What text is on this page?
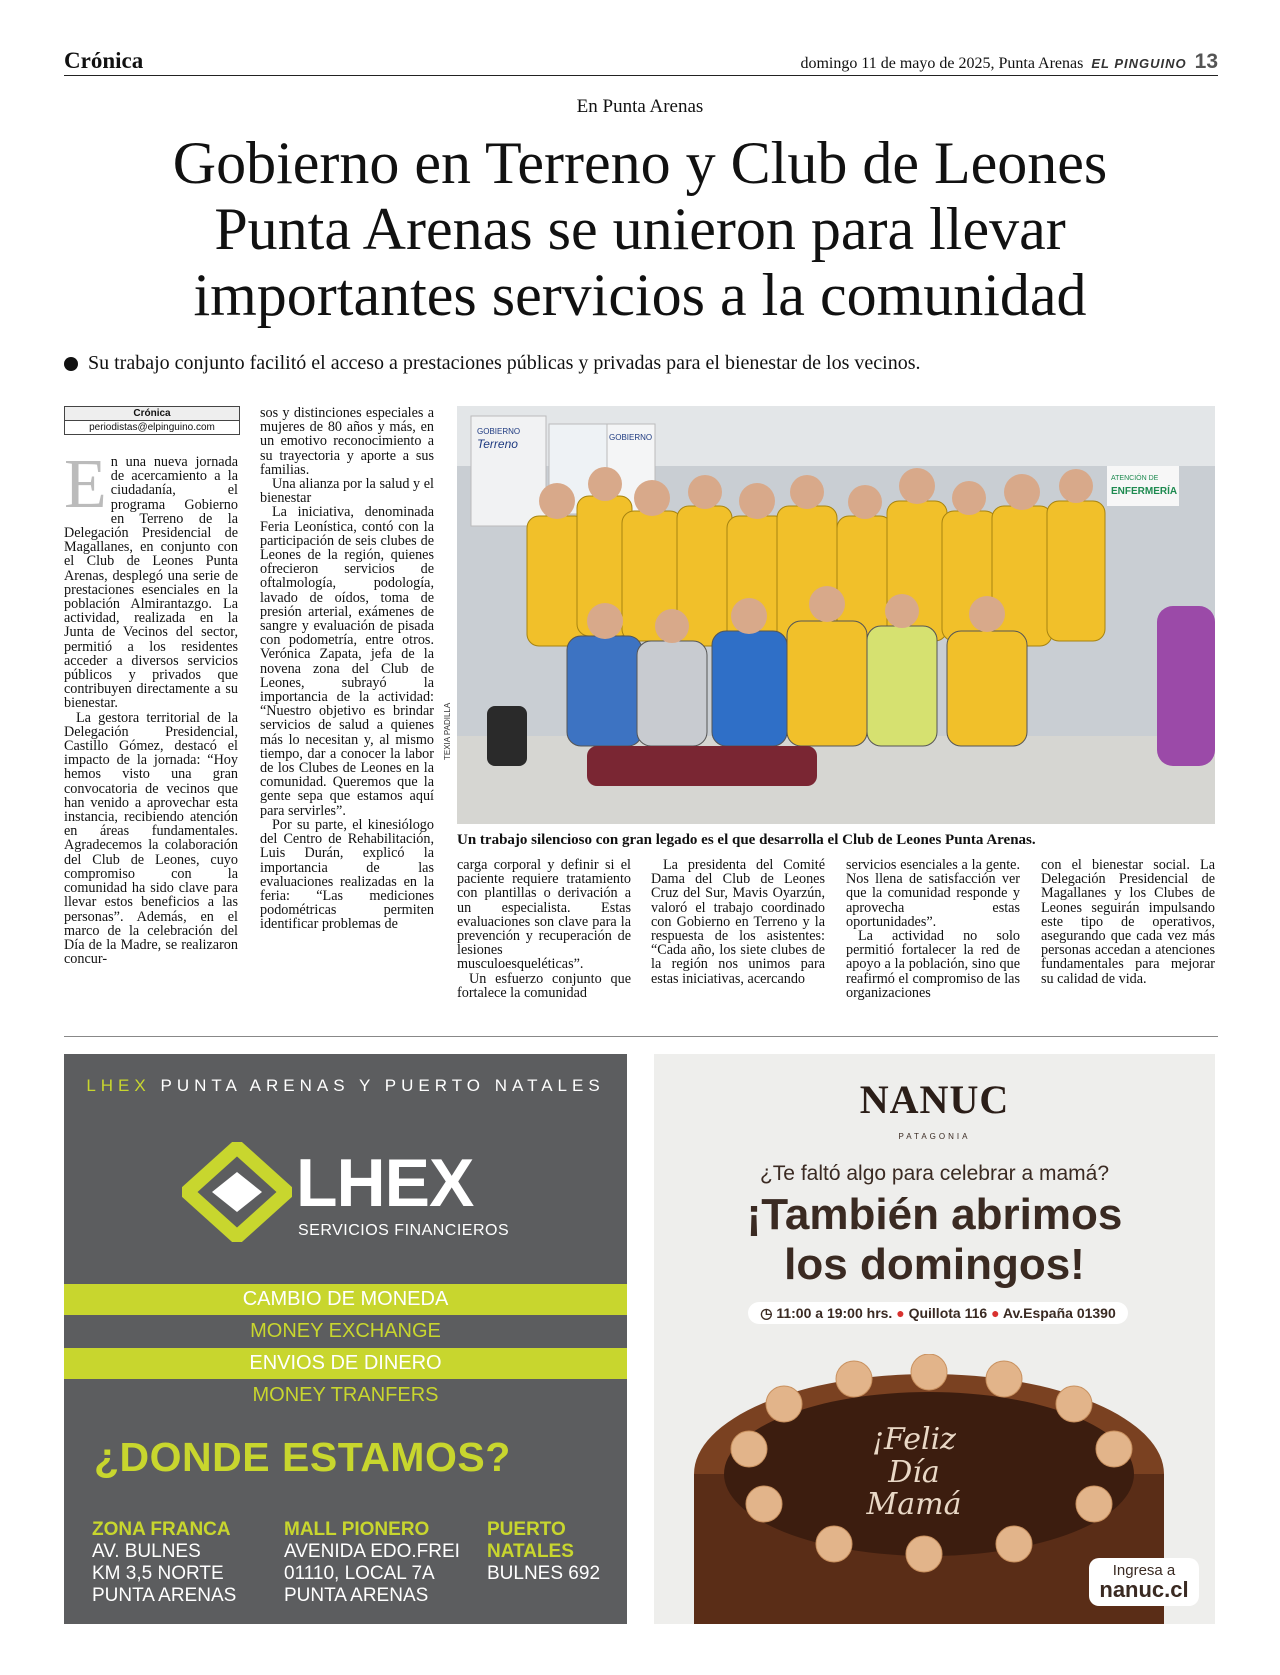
Crónica	domingo 11 de mayo de 2025, Punta Arenas EL PINGUINO 13
En Punta Arenas
Gobierno en Terreno y Club de Leones
Punta Arenas se unieron para llevar
importantes servicios a la comunidad
Su trabajo conjunto facilitó el acceso a prestaciones públicas y privadas para el bienestar de los vecinos.
Crónica
periodistas@elpinguino.com

En una nueva jornada de acercamiento a la ciudadanía, el programa Gobierno en Terreno de la Delegación Presidencial de Magallanes, en conjunto con el Club de Leones Punta Arenas, desplegó una serie de prestaciones esenciales en la población Almirantazgo. La actividad, realizada en la Junta de Vecinos del sector, permitió a los residentes acceder a diversos servicios públicos y privados que contribuyen directamente a su bienestar.

La gestora territorial de la Delegación Presidencial, Castillo Gómez, destacó el impacto de la jornada: “Hoy hemos visto una gran convocatoria de vecinos que han venido a aprovechar esta instancia, recibiendo atención en áreas fundamentales. Agradecemos la colaboración del Club de Leones, cuyo compromiso con la comunidad ha sido clave para llevar estos beneficios a las personas”. Además, en el marco de la celebración del Día de la Madre, se realizaron concur-

sos y distinciones especiales a mujeres de 80 años y más, en un emotivo reconocimiento a su trayectoria y aporte a sus familias.

Una alianza por la salud y el bienestar

La iniciativa, denominada Feria Leonística, contó con la participación de seis clubes de Leones de la región, quienes ofrecieron servicios de oftalmología, podología, lavado de oídos, toma de presión arterial, exámenes de sangre y evaluación de pisada con podometría, entre otros. Verónica Zapata, jefa de la novena zona del Club de Leones, subrayó la importancia de la actividad: “Nuestro objetivo es brindar servicios de salud a quienes más lo necesitan y, al mismo tiempo, dar a conocer la labor de los Clubes de Leones en la comunidad. Queremos que la gente sepa que estamos aquí para servirles”.

Por su parte, el kinesiólogo del Centro de Rehabilitación, Luis Durán, explicó la importancia de las evaluaciones realizadas en la feria: “Las mediciones podométricas permiten identificar problemas de

GOBIERNO
Terreno	GOBIERNO
ATENCIÓN DE
ENFERMERÍA
TEXIA PADILLA
Un trabajo silencioso con gran legado es el que desarrolla el Club de Leones Punta Arenas.

carga corporal y definir si el paciente requiere tratamiento con plantillas o derivación a un especialista. Estas evaluaciones son clave para la prevención y recuperación de lesiones musculoesqueléticas”.

Un esfuerzo conjunto que fortalece la comunidad

La presidenta del Comité Dama del Club de Leones Cruz del Sur, Mavis Oyarzún, valoró el trabajo coordinado con Gobierno en Terreno y la respuesta de los asistentes: “Cada año, los siete clubes de la región nos unimos para estas iniciativas, acercando

servicios esenciales a la gente. Nos llena de satisfacción ver que la comunidad responde y aprovecha estas oportunidades”.

La actividad no solo permitió fortalecer la red de apoyo a la población, sino que reafirmó el compromiso de las organizaciones

con el bienestar social. La Delegación Presidencial de Magallanes y los Clubes de Leones seguirán impulsando este tipo de operativos, asegurando que cada vez más personas accedan a atenciones fundamentales para mejorar su calidad de vida.

LHEX PUNTA ARENAS Y PUERTO NATALES
LHEX
SERVICIOS FINANCIEROS
CAMBIO DE MONEDA
MONEY EXCHANGE
ENVIOS DE DINERO
MONEY TRANFERS
¿DONDE ESTAMOS?
ZONA FRANCA
AV. BULNES
KM 3,5 NORTE
PUNTA ARENAS
MALL PIONERO
AVENIDA EDO.FREI
01110, LOCAL 7A
PUNTA ARENAS
PUERTO
NATALES
BULNES 692
NANUC
PATAGONIA
¿Te faltó algo para celebrar a mamá?
¡También abrimos
los domingos!
◷ 11:00 a 19:00 hrs. ● Quillota 116 ● Av.España 01390
¡Feliz
Día
Mamá
Ingresa a
nanuc.cl
